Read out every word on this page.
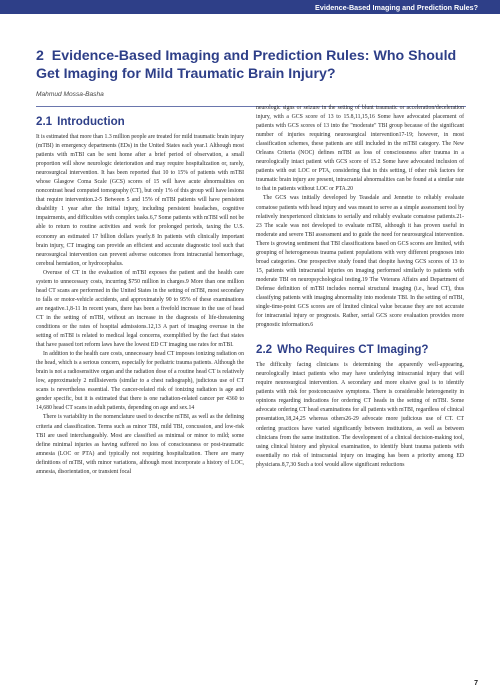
Evidence-Based Imaging and Prediction Rules?
2 Evidence-Based Imaging and Prediction Rules: Who Should Get Imaging for Mild Traumatic Brain Injury?

Mahmud Mossa-Basha

2.1 Introduction

It is estimated that more than 1.3 million people are treated for mild traumatic brain injury (mTBI) in emergency departments (EDs) in the United States each year.1 Although most patients with mTBI can be sent home after a brief period of observation, a small proportion will show neurologic deterioration and may require hospitalization or, rarely, neurosurgical intervention. It has been reported that 10 to 15% of patients with mTBI whose Glasgow Coma Scale (GCS) scores of 15 will have acute abnormalities on noncontrast head computed tomography (CT), but only 1% of this group will have lesions that require intervention.2-5 Between 5 and 15% of mTBI patients will have persistent disability 1 year after the initial injury, including persistent headaches, cognitive impairments, and difficulties with complex tasks.6,7 Some patients with mTBI will not be able to return to routine activities and work for prolonged periods, taxing the U.S. economy an estimated 17 billion dollars yearly.8 In patients with clinically important brain injury, CT imaging can provide an efficient and accurate diagnostic tool such that neurosurgical intervention can prevent adverse outcomes from intracranial hemorrhage, cerebral herniation, or hydrocephalus.

Overuse of CT in the evaluation of mTBI exposes the patient and the health care system to unnecessary costs, incurring $750 million in charges.9 More than one million head CT scans are performed in the United States in the setting of mTBI, most secondary to falls or motor-vehicle accidents, and approximately 90 to 95% of these examinations are negative.1,8-11 In recent years, there has been a fivefold increase in the use of head CT in the setting of mTBI, without an increase in the diagnosis of life-threatening conditions or the rates of hospital admissions.12,13 A part of imaging overuse in the setting of mTBI is related to medical legal concerns, exemplified by the fact that states that have passed tort reform laws have the lowest ED CT imaging use rates for mTBI.

In addition to the health care costs, unnecessary head CT imposes ionizing radiation on the head, which is a serious concern, especially for pediatric trauma patients. Although the brain is not a radiosensitive organ and the radiation dose of a routine head CT is relatively low, approximately 2 millisieverts (similar to a chest radiograph), judicious use of CT scans is nevertheless essential. The cancer-related risk of ionizing radiation is age and gender specific, but it is estimated that there is one radiation-related cancer per 4360 to 14,680 head CT scans in adult patients, depending on age and sex.14

There is variability in the nomenclature used to describe mTBI, as well as the defining criteria and classification. Terms such as minor TBI, mild TBI, concussion, and low-risk TBI are used interchangeably. Most are classified as minimal or minor to mild; some define minimal injuries as having suffered no loss of consciousness or post-traumatic amnesia (LOC or PTA) and typically not requiring hospitalization. There are many definitions of mTBI, with minor variations, although most incorporate a history of LOC, amnesia, disorientation, or transient focal

neurologic signs or seizure in the setting of blunt traumatic or acceleration/deceleration injury, with a GCS score of 13 to 15.8,11,15,16 Some have advocated placement of patients with GCS scores of 13 into the "moderate" TBI group because of the significant number of injuries requiring neurosurgical intervention17-19; however, in most classification schemes, these patients are still included in the mTBI category. The New Orleans Criteria (NOC) defines mTBI as loss of consciousness after trauma in a neurologically intact patient with GCS score of 15.2 Some have advocated inclusion of patients with out LOC or PTA, considering that in this setting, if other risk factors for traumatic brain injury are present, intracranial abnormalities can be found at a similar rate to that in patients without LOC or PTA.20

The GCS was initially developed by Teasdale and Jennette to reliably evaluate comatose patients with head injury and was meant to serve as a simple assessment tool by relatively inexperienced clinicians to serially and reliably evaluate comatose patients.21-23 The scale was not developed to evaluate mTBI, although it has proven useful in moderate and severe TBI assessment and to guide the need for neurosurgical intervention. There is growing sentiment that TBI classifications based on GCS scores are limited, with grouping of heterogeneous trauma patient populations with very different prognoses into broad categories. One prospective study found that despite having GCS scores of 13 to 15, patients with intracranial injuries on imaging performed similarly to patients with moderate TBI on neuropsychological testing.19 The Veterans Affairs and Department of Defense definition of mTBI includes normal structural imaging (i.e., head CT), thus classifying patients with imaging abnormality into moderate TBI. In the setting of mTBI, single-time-point GCS scores are of limited clinical value because they are not accurate for intracranial injury or prognosis. Rather, serial GCS score evaluation provides more prognostic information.6

2.2 Who Requires CT Imaging?

The difficulty facing clinicians is determining the apparently well-appearing, neurologically intact patients who may have underlying intracranial injury that will require neurosurgical intervention. A secondary and more elusive goal is to identify patients with risk for postconcussive symptoms. There is considerable heterogeneity in opinions regarding indications for ordering CT heads in the setting of mTBI. Some advocate ordering CT head examinations for all patients with mTBI, regardless of clinical presentation,18,24,25 whereas others26-29 advocate more judicious use of CT. CT ordering practices have varied significantly between institutions, as well as between clinicians from the same institution. The development of a clinical decision-making tool, using clinical history and physical examination, to identify blunt trauma patients with essentially no risk of intracranial injury on imaging has been a priority among ED physicians.8,7,30 Such a tool would allow significant reductions

7
